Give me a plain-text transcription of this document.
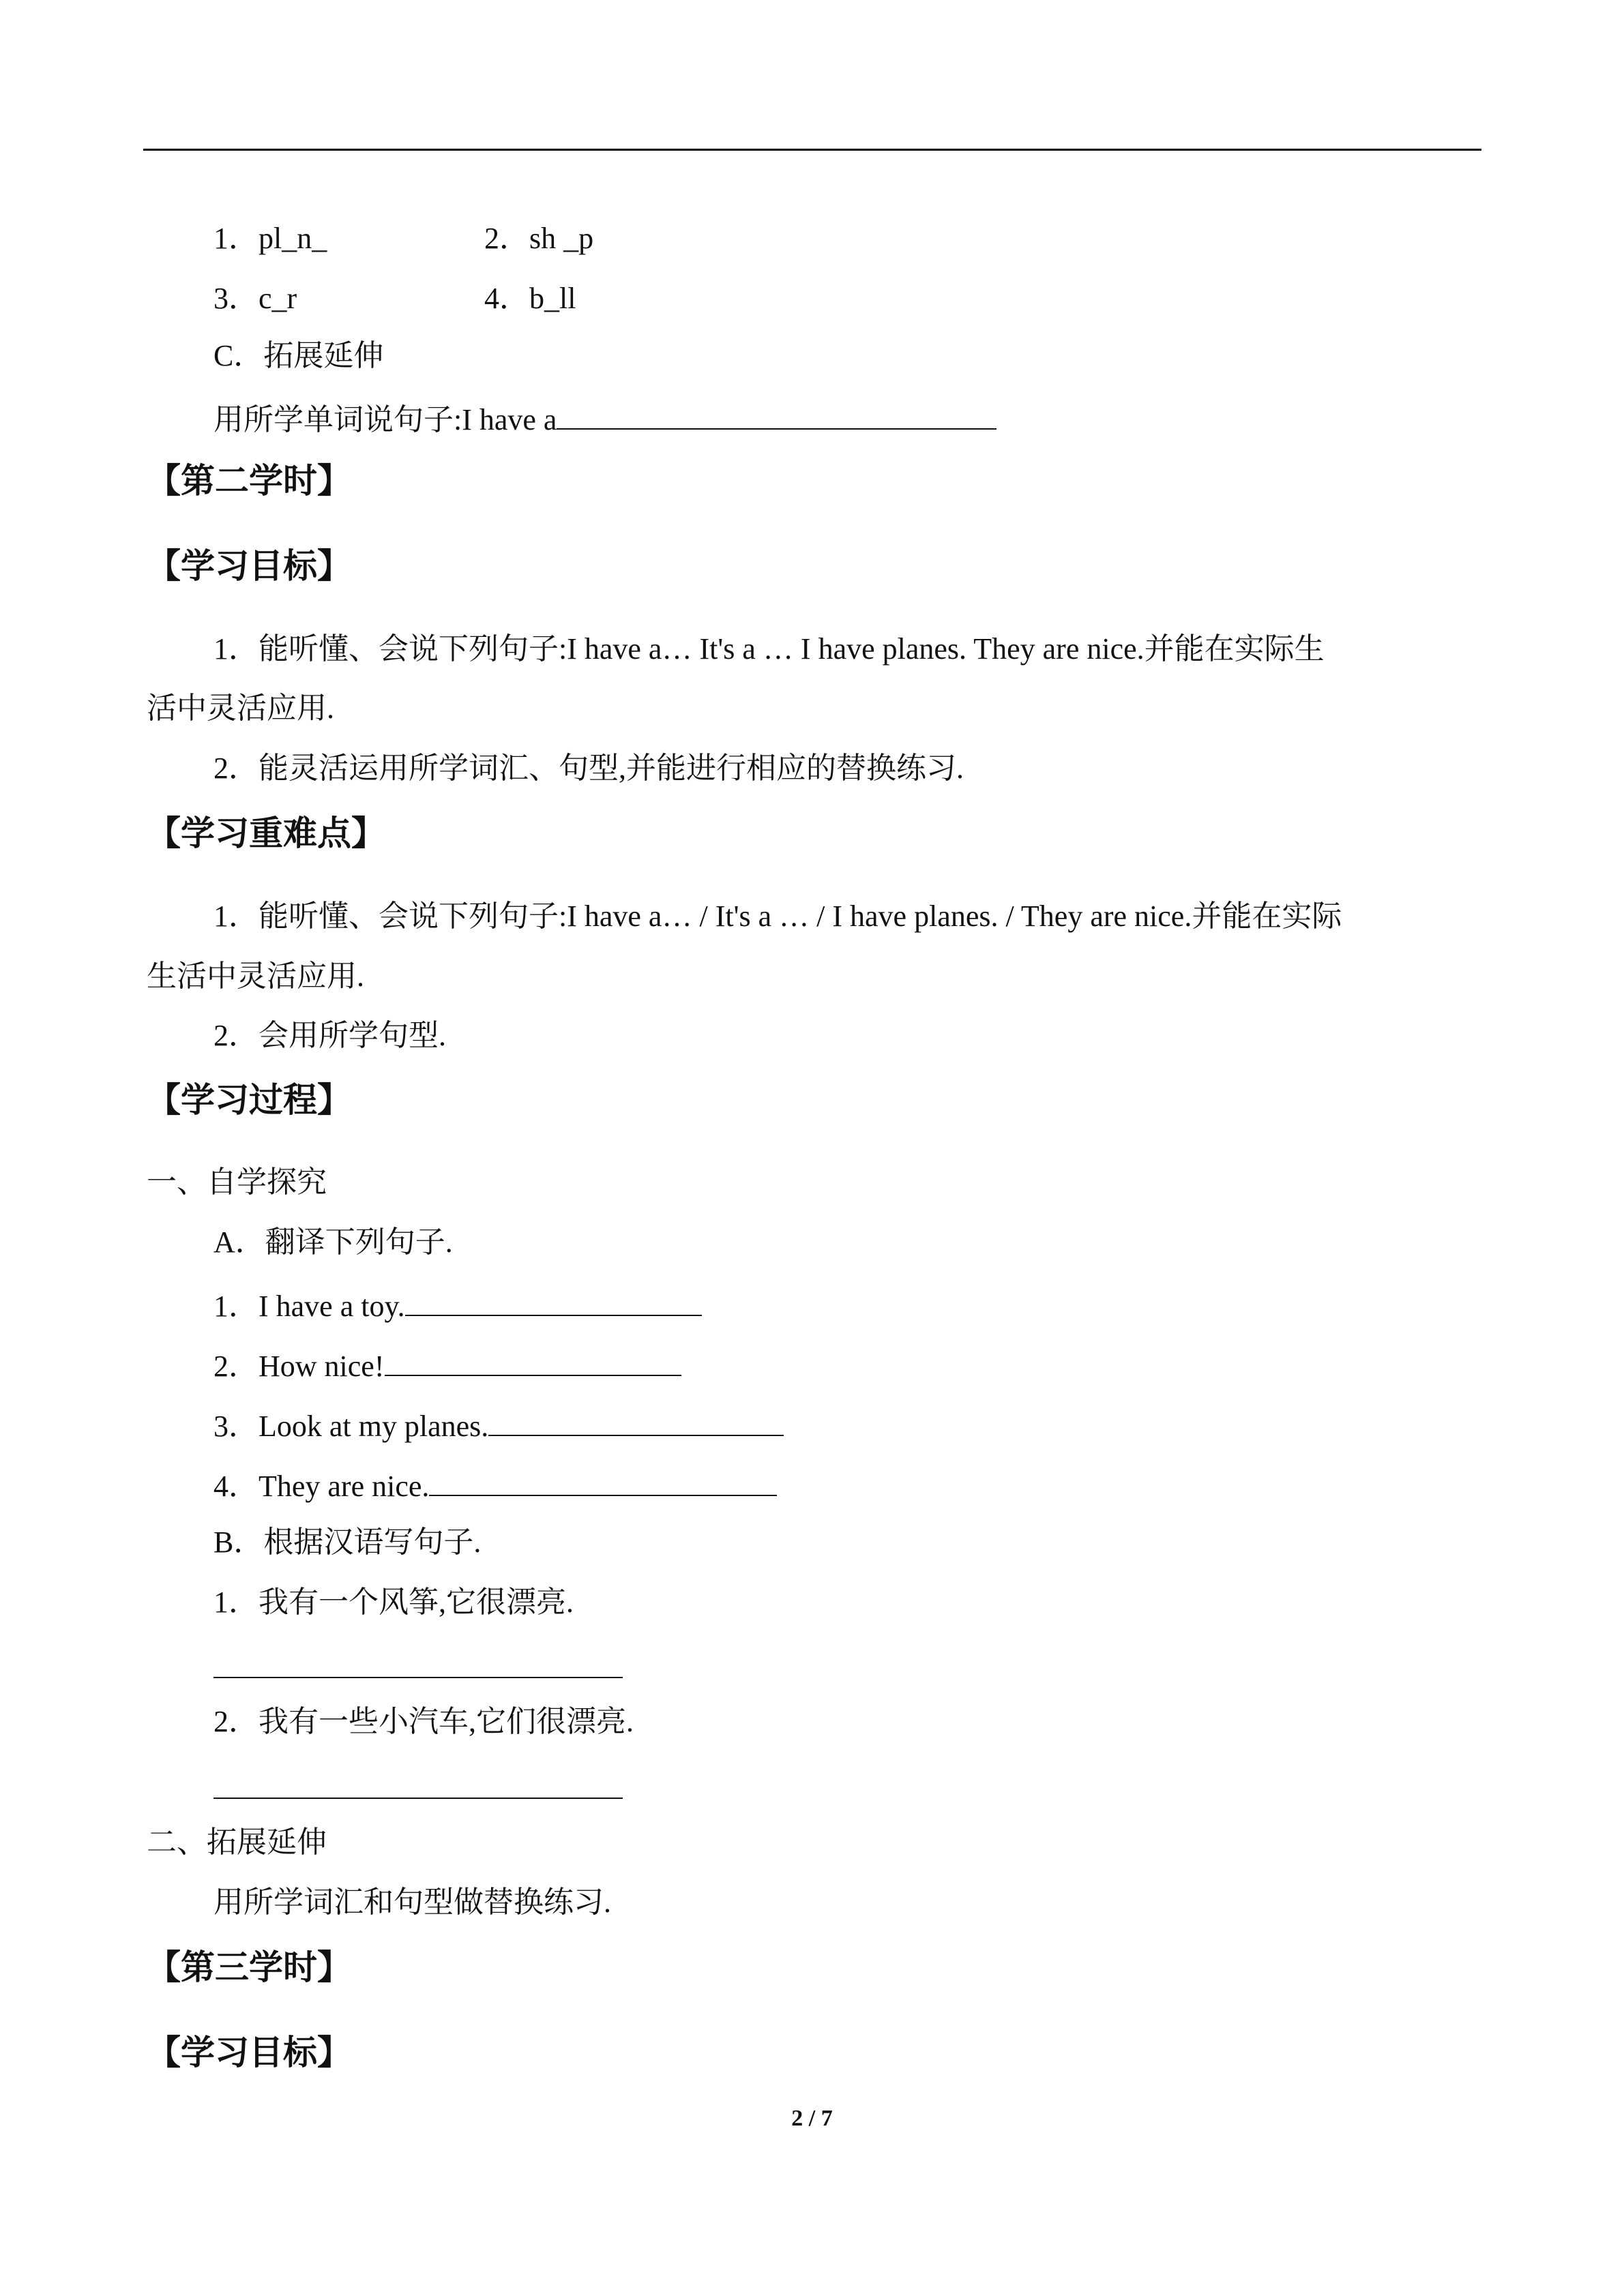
1．pl_n_	2．sh _p
3．c_r	4．b_ll
C．拓展延伸
用所学单词说句子:I have a
【第二学时】
【学习目标】
1．能听懂、会说下列句子:I have a… It's a … I have planes. They are nice.并能在实际生
活中灵活应用.
2．能灵活运用所学词汇、句型,并能进行相应的替换练习.
【学习重难点】
1．能听懂、会说下列句子:I have a… / It's a … / I have planes. / They are nice.并能在实际
生活中灵活应用.
2．会用所学句型.
【学习过程】
一、自学探究
A．翻译下列句子.
1．I have a toy.
2．How nice!
3．Look at my planes.
4．They are nice.
B．根据汉语写句子.
1．我有一个风筝,它很漂亮.
2．我有一些小汽车,它们很漂亮.
二、拓展延伸
用所学词汇和句型做替换练习.
【第三学时】
【学习目标】
2 / 7
